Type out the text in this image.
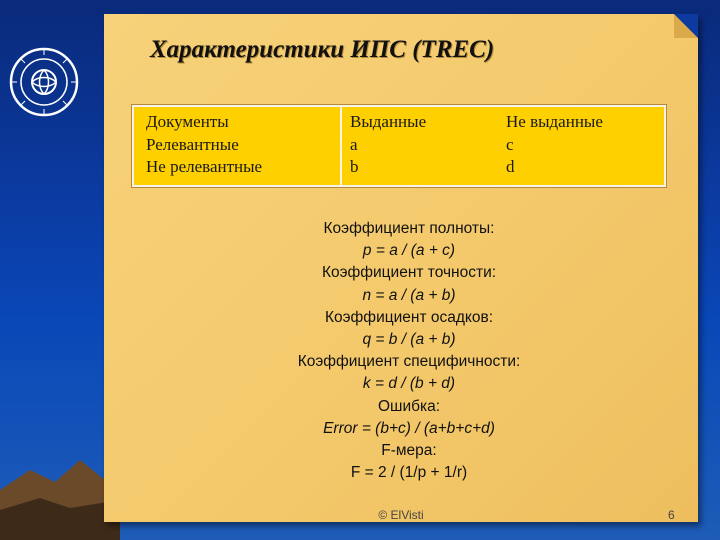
Характеристики ИПС (TREC)
Документы
Релевантные
Не релевантные
Выданные
a
b
Не выданные
c
d
Коэффициент полноты:
p = a / (a + c)
Коэффициент точности:
n = a / (a + b)
Коэффициент осадков:
q = b / (a + b)
Коэффициент специфичности:
k = d / (b + d)
Ошибка:
Error = (b+c) / (a+b+c+d)
F-мера:
F = 2 / (1/p + 1/r)
© ElVisti	6
